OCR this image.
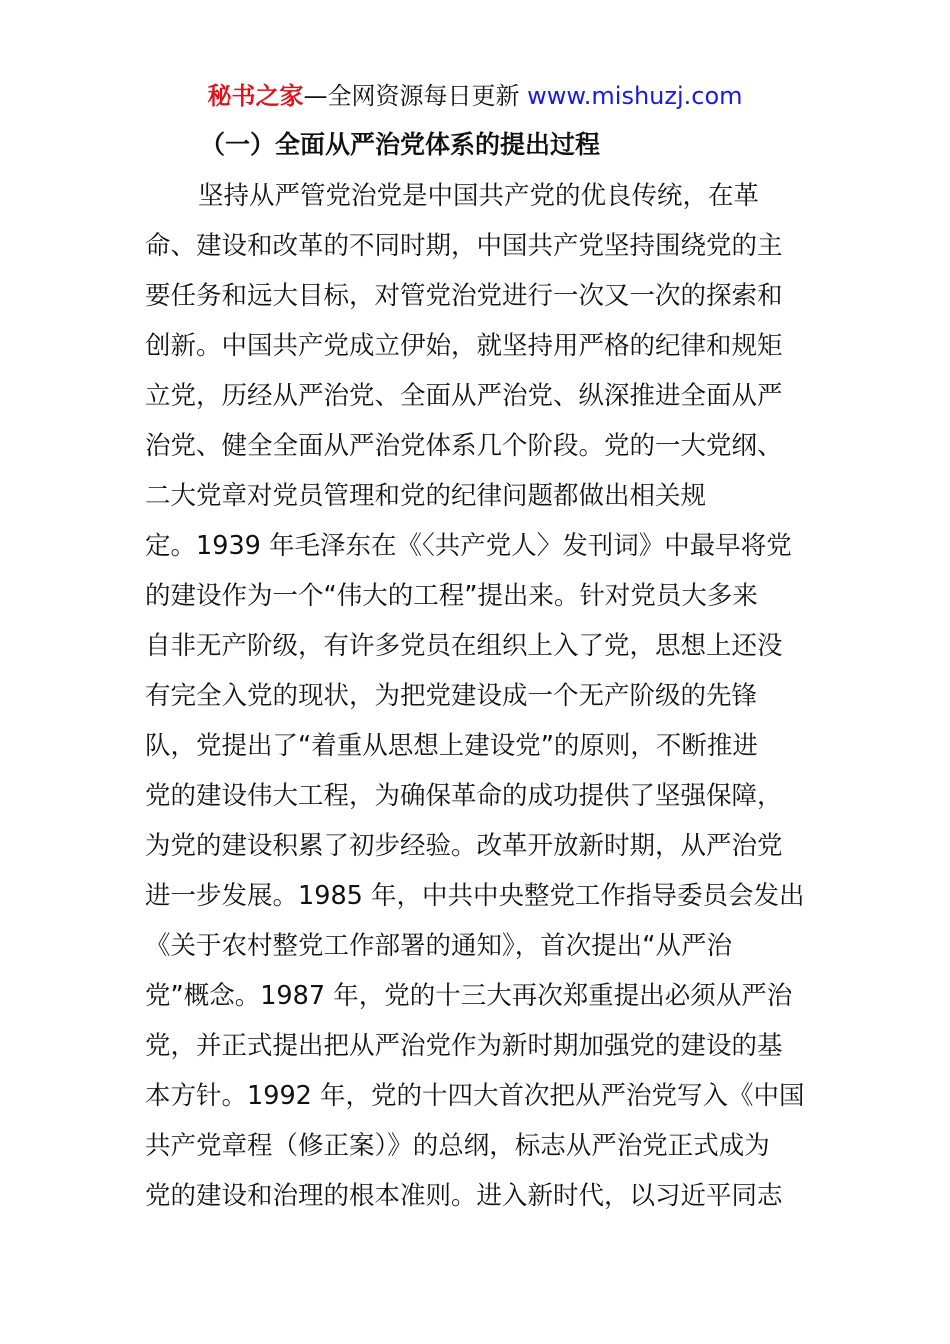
秘书之家—全网资源每日更新 www.mishuzj.com
（一）全面从严治党体系的提出过程
坚持从严管党治党是中国共产党的优良传统，在革
命、建设和改革的不同时期，中国共产党坚持围绕党的主
要任务和远大目标，对管党治党进行一次又一次的探索和
创新。中国共产党成立伊始，就坚持用严格的纪律和规矩
立党，历经从严治党、全面从严治党、纵深推进全面从严
治党、健全全面从严治党体系几个阶段。党的一大党纲、
二大党章对党员管理和党的纪律问题都做出相关规
定。1939 年毛泽东在《〈共产党人〉发刊词》中最早将党
的建设作为一个“伟大的工程”提出来。针对党员大多来
自非无产阶级，有许多党员在组织上入了党，思想上还没
有完全入党的现状，为把党建设成一个无产阶级的先锋
队，党提出了“着重从思想上建设党”的原则，不断推进
党的建设伟大工程，为确保革命的成功提供了坚强保障，
为党的建设积累了初步经验。改革开放新时期，从严治党
进一步发展。1985 年，中共中央整党工作指导委员会发出
《关于农村整党工作部署的通知》，首次提出“从严治
党”概念。1987 年，党的十三大再次郑重提出必须从严治
党，并正式提出把从严治党作为新时期加强党的建设的基
本方针。1992 年，党的十四大首次把从严治党写入《中国
共产党章程（修正案）》的总纲，标志从严治党正式成为
党的建设和治理的根本准则。进入新时代，以习近平同志
